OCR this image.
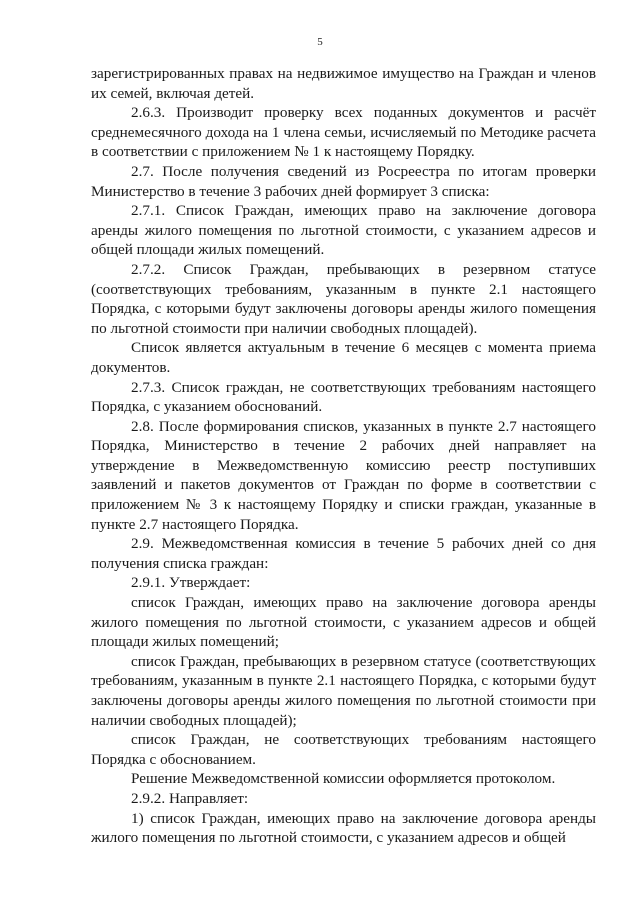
5

зарегистрированных правах на недвижимое имущество на Граждан и членов их семей, включая детей.

2.6.3. Производит проверку всех поданных документов и расчёт среднемесячного дохода на 1 члена семьи, исчисляемый по Методике расчета в соответствии с приложением № 1 к настоящему Порядку.

2.7. После получения сведений из Росреестра по итогам проверки Министерство в течение 3 рабочих дней формирует 3 списка:

2.7.1. Список Граждан, имеющих право на заключение договора аренды жилого помещения по льготной стоимости, с указанием адресов и общей площади жилых помещений.

2.7.2. Список Граждан, пребывающих в резервном статусе (соответствующих требованиям, указанным в пункте 2.1 настоящего Порядка, с которыми будут заключены договоры аренды жилого помещения по льготной стоимости при наличии свободных площадей).

Список является актуальным в течение 6 месяцев с момента приема документов.

2.7.3. Список граждан, не соответствующих требованиям настоящего Порядка, с указанием обоснований.

2.8. После формирования списков, указанных в пункте 2.7 настоящего Порядка, Министерство в течение 2 рабочих дней направляет на утверждение в Межведомственную комиссию реестр поступивших заявлений и пакетов документов от Граждан по форме в соответствии с приложением № 3 к настоящему Порядку и списки граждан, указанные в пункте 2.7 настоящего Порядка.

2.9. Межведомственная комиссия в течение 5 рабочих дней со дня получения списка граждан:

2.9.1. Утверждает:

список Граждан, имеющих право на заключение договора аренды жилого помещения по льготной стоимости, с указанием адресов и общей площади жилых помещений;

список Граждан, пребывающих в резервном статусе (соответствующих требованиям, указанным в пункте 2.1 настоящего Порядка, с которыми будут заключены договоры аренды жилого помещения по льготной стоимости при наличии свободных площадей);

список Граждан, не соответствующих требованиям настоящего Порядка с обоснованием.

Решение Межведомственной комиссии оформляется протоколом.

2.9.2. Направляет:

1) список Граждан, имеющих право на заключение договора аренды жилого помещения по льготной стоимости, с указанием адресов и общей
